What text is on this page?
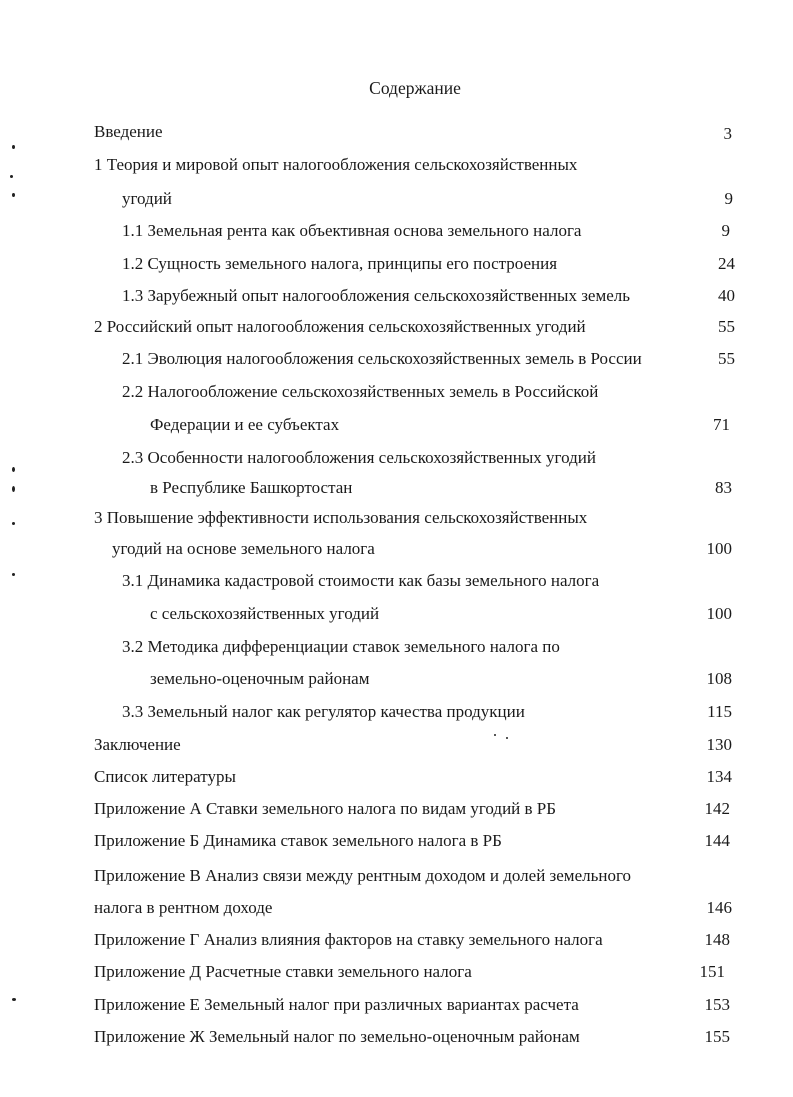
Содержание
Введение	3
1 Теория и мировой опыт налогообложения сельскохозяйственных
угодий	9
1.1 Земельная рента как объективная основа земельного налога	9
1.2 Сущность земельного налога, принципы его построения	24
1.3 Зарубежный опыт налогообложения сельскохозяйственных земель	40
2 Российский опыт налогообложения сельскохозяйственных угодий	55
2.1 Эволюция налогообложения сельскохозяйственных земель в России	55
2.2 Налогообложение сельскохозяйственных земель в Российской
Федерации и ее субъектах	71
2.3 Особенности налогообложения сельскохозяйственных угодий
в Республике Башкортостан	83
3 Повышение эффективности использования сельскохозяйственных
угодий на основе земельного налога	100
3.1 Динамика кадастровой стоимости как базы земельного налога
с сельскохозяйственных угодий	100
3.2 Методика дифференциации ставок земельного налога по
земельно-оценочным районам	108
3.3 Земельный налог как регулятор качества продукции	115
Заключение	130
Список литературы	134
Приложение А Ставки земельного налога по видам угодий в РБ	142
Приложение Б Динамика ставок земельного налога в РБ	144
Приложение В Анализ связи между рентным доходом и долей земельного
налога в рентном доходе	146
Приложение Г Анализ влияния факторов на ставку земельного налога	148
Приложение Д Расчетные ставки земельного налога	151
Приложение Е Земельный налог при различных вариантах расчета	153
Приложение Ж Земельный налог по земельно-оценочным районам	155
